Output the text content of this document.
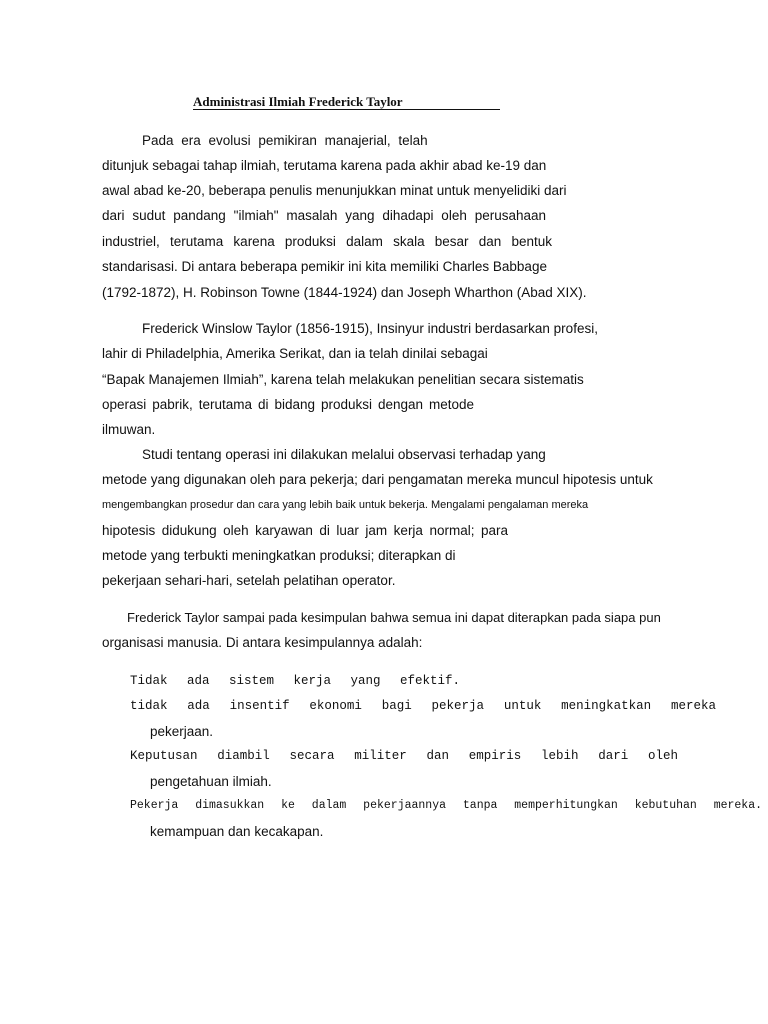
Administrasi Ilmiah Frederick Taylor
Pada era evolusi pemikiran manajerial, telah
ditunjuk sebagai tahap ilmiah, terutama karena pada akhir abad ke-19 dan
awal abad ke-20, beberapa penulis menunjukkan minat untuk menyelidiki dari
dari sudut pandang "ilmiah" masalah yang dihadapi oleh perusahaan
industriel, terutama karena produksi dalam skala besar dan bentuk
standarisasi. Di antara beberapa pemikir ini kita memiliki Charles Babbage
(1792-1872), H. Robinson Towne (1844-1924) dan Joseph Wharthon (Abad XIX).
Frederick Winslow Taylor (1856-1915), Insinyur industri berdasarkan profesi,
lahir di Philadelphia, Amerika Serikat, dan ia telah dinilai sebagai
“Bapak Manajemen Ilmiah”, karena telah melakukan penelitian secara sistematis
operasi pabrik, terutama di bidang produksi dengan metode
ilmuwan.
Studi tentang operasi ini dilakukan melalui observasi terhadap yang
metode yang digunakan oleh para pekerja; dari pengamatan mereka muncul hipotesis untuk
mengembangkan prosedur dan cara yang lebih baik untuk bekerja. Mengalami pengalaman mereka
hipotesis didukung oleh karyawan di luar jam kerja normal; para
metode yang terbukti meningkatkan produksi; diterapkan di
pekerjaan sehari-hari, setelah pelatihan operator.
Frederick Taylor sampai pada kesimpulan bahwa semua ini dapat diterapkan pada siapa pun
organisasi manusia. Di antara kesimpulannya adalah:
Tidak ada sistem kerja yang efektif.
tidak ada insentif ekonomi bagi pekerja untuk meningkatkan mereka
pekerjaan.
Keputusan diambil secara militer dan empiris lebih dari oleh
pengetahuan ilmiah.
Pekerja dimasukkan ke dalam pekerjaannya tanpa memperhitungkan kebutuhan mereka.
kemampuan dan kecakapan.
